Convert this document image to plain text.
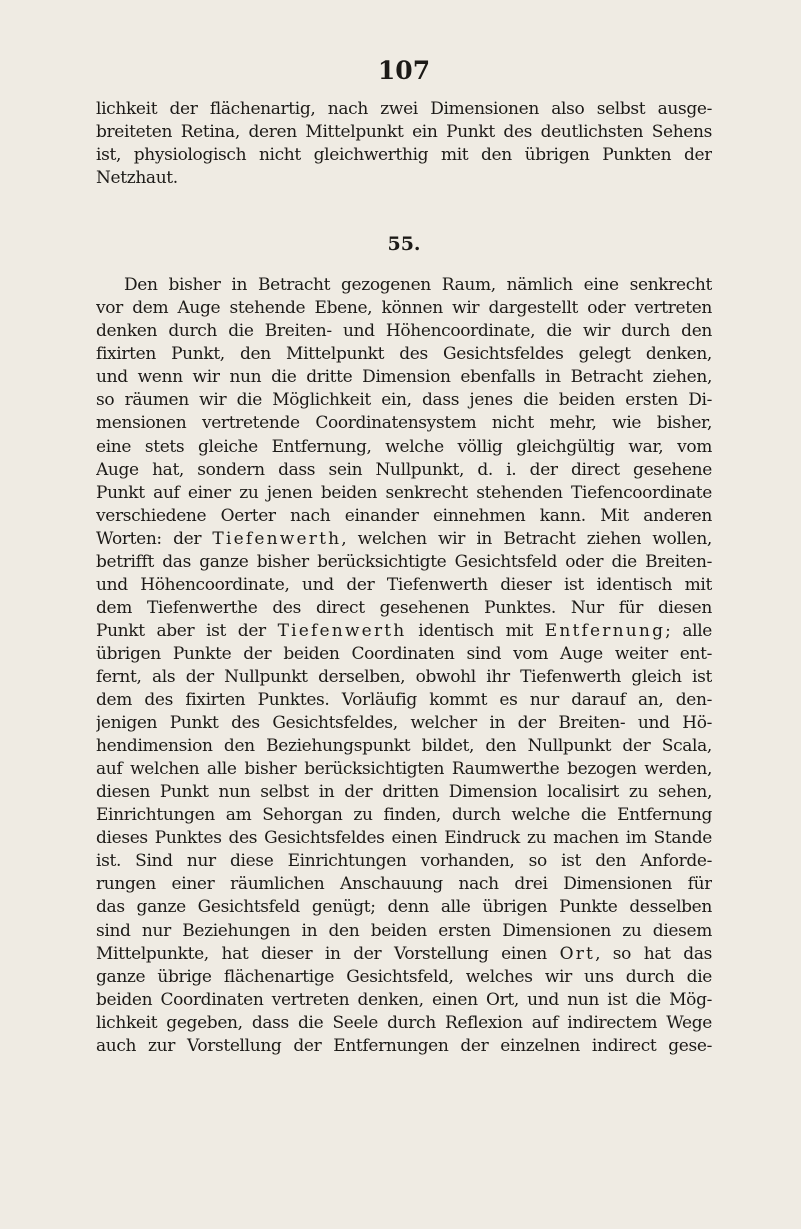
107

lichkeit der flächenartig, nach zwei Dimensionen also selbst ausge-
breiteten Retina, deren Mittelpunkt ein Punkt des deutlichsten Sehens
ist, physiologisch nicht gleichwerthig mit den übrigen Punkten der
Netzhaut.

55.

Den bisher in Betracht gezogenen Raum, nämlich eine senkrecht
vor dem Auge stehende Ebene, können wir dargestellt oder vertreten
denken durch die Breiten- und Höhencoordinate, die wir durch den
fixirten Punkt, den Mittelpunkt des Gesichtsfeldes gelegt denken,
und wenn wir nun die dritte Dimension ebenfalls in Betracht ziehen,
so räumen wir die Möglichkeit ein, dass jenes die beiden ersten Di-
mensionen vertretende Coordinatensystem nicht mehr, wie bisher,
eine stets gleiche Entfernung, welche völlig gleichgültig war, vom
Auge hat, sondern dass sein Nullpunkt, d. i. der direct gesehene
Punkt auf einer zu jenen beiden senkrecht stehenden Tiefencoordinate
verschiedene Oerter nach einander einnehmen kann. Mit anderen
Worten: der Tiefenwerth, welchen wir in Betracht ziehen wollen,
betrifft das ganze bisher berücksichtigte Gesichtsfeld oder die Breiten-
und Höhencoordinate, und der Tiefenwerth dieser ist identisch mit
dem Tiefenwerthe des direct gesehenen Punktes. Nur für diesen
Punkt aber ist der Tiefenwerth identisch mit Entfernung; alle
übrigen Punkte der beiden Coordinaten sind vom Auge weiter ent-
fernt, als der Nullpunkt derselben, obwohl ihr Tiefenwerth gleich ist
dem des fixirten Punktes. Vorläufig kommt es nur darauf an, den-
jenigen Punkt des Gesichtsfeldes, welcher in der Breiten- und Hö-
hendimension den Beziehungspunkt bildet, den Nullpunkt der Scala,
auf welchen alle bisher berücksichtigten Raumwerthe bezogen werden,
diesen Punkt nun selbst in der dritten Dimension localisirt zu sehen,
Einrichtungen am Sehorgan zu finden, durch welche die Entfernung
dieses Punktes des Gesichtsfeldes einen Eindruck zu machen im Stande
ist. Sind nur diese Einrichtungen vorhanden, so ist den Anforde-
rungen einer räumlichen Anschauung nach drei Dimensionen für
das ganze Gesichtsfeld genügt; denn alle übrigen Punkte desselben
sind nur Beziehungen in den beiden ersten Dimensionen zu diesem
Mittelpunkte, hat dieser in der Vorstellung einen Ort, so hat das
ganze übrige flächenartige Gesichtsfeld, welches wir uns durch die
beiden Coordinaten vertreten denken, einen Ort, und nun ist die Mög-
lichkeit gegeben, dass die Seele durch Reflexion auf indirectem Wege
auch zur Vorstellung der Entfernungen der einzelnen indirect gese-
